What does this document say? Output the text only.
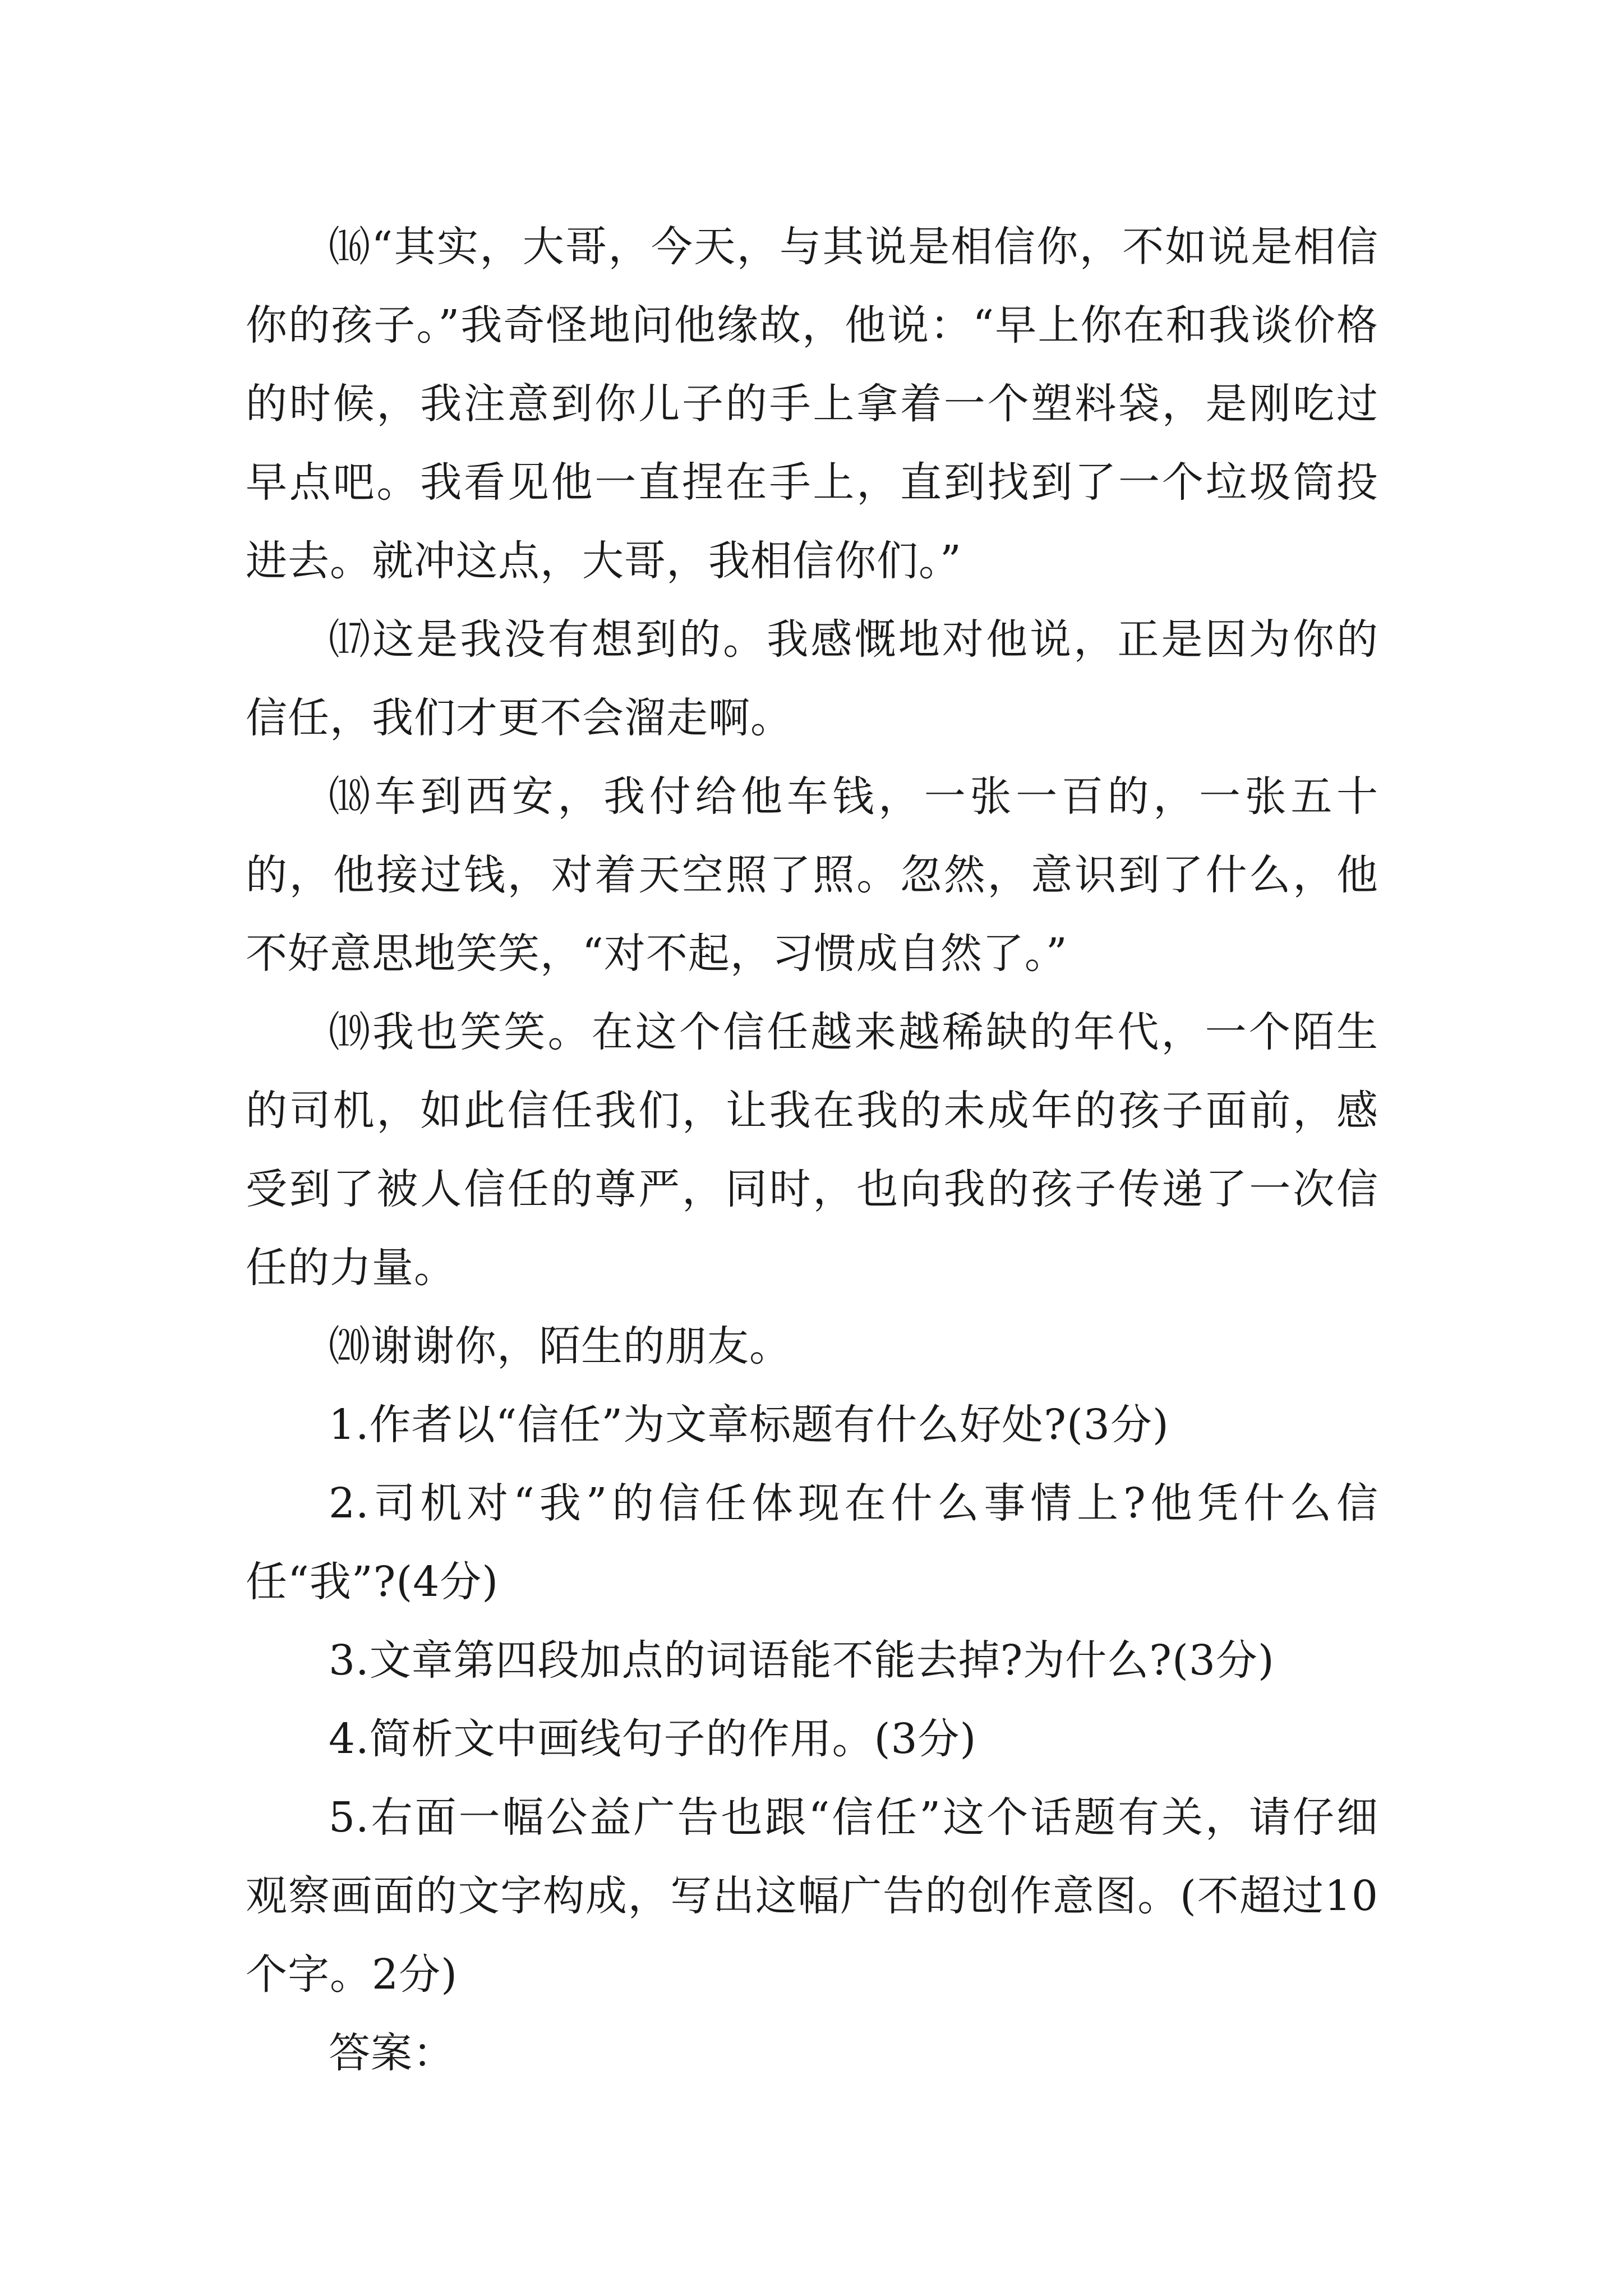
⒃“其实，大哥，今天，与其说是相信你，不如说是相信你的孩子。”我奇怪地问他缘故，他说：“早上你在和我谈价格的时候，我注意到你儿子的手上拿着一个塑料袋，是刚吃过早点吧。我看见他一直捏在手上，直到找到了一个垃圾筒投进去。就冲这点，大哥，我相信你们。”

⒄这是我没有想到的。我感慨地对他说，正是因为你的信任，我们才更不会溜走啊。

⒅车到西安，我付给他车钱，一张一百的，一张五十的，他接过钱，对着天空照了照。忽然，意识到了什么，他不好意思地笑笑，“对不起，习惯成自然了。”

⒆我也笑笑。在这个信任越来越稀缺的年代，一个陌生的司机，如此信任我们，让我在我的未成年的孩子面前，感受到了被人信任的尊严，同时，也向我的孩子传递了一次信任的力量。

⒇谢谢你，陌生的朋友。

1.作者以“信任”为文章标题有什么好处?(3分)

2.司机对“我”的信任体现在什么事情上?他凭什么信任“我”?(4分)

3.文章第四段加点的词语能不能去掉?为什么?(3分)

4.简析文中画线句子的作用。(3分)

5.右面一幅公益广告也跟“信任”这个话题有关，请仔细观察画面的文字构成，写出这幅广告的创作意图。(不超过10个字。2分)

答案：
